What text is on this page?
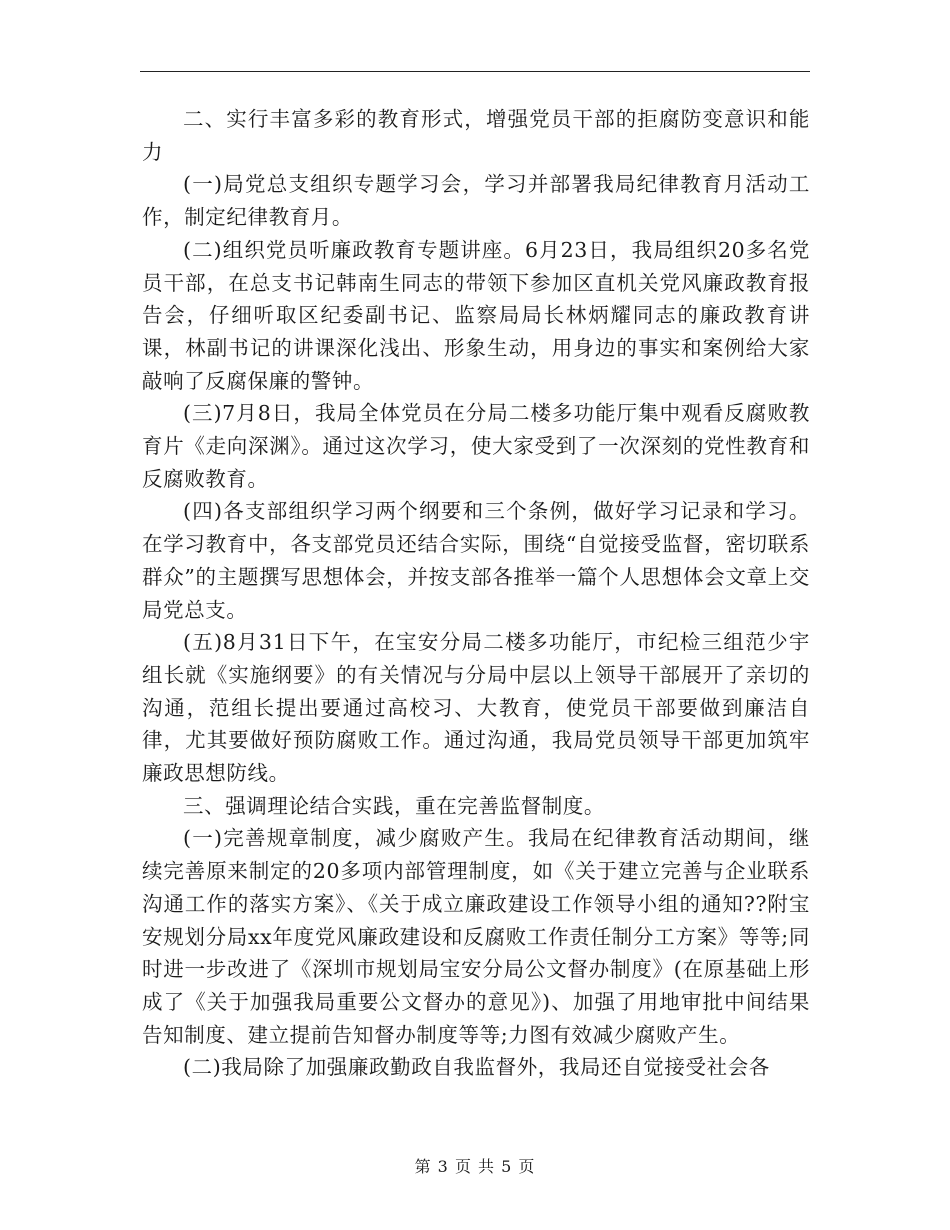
二、实行丰富多彩的教育形式，增强党员干部的拒腐防变意识和能力

(一)局党总支组织专题学习会，学习并部署我局纪律教育月活动工作，制定纪律教育月。

(二)组织党员听廉政教育专题讲座。6月23日，我局组织20多名党员干部，在总支书记韩南生同志的带领下参加区直机关党风廉政教育报告会，仔细听取区纪委副书记、监察局局长林炳耀同志的廉政教育讲课，林副书记的讲课深化浅出、形象生动，用身边的事实和案例给大家敲响了反腐保廉的警钟。

(三)7月8日，我局全体党员在分局二楼多功能厅集中观看反腐败教育片《走向深渊》。通过这次学习，使大家受到了一次深刻的党性教育和反腐败教育。

(四)各支部组织学习两个纲要和三个条例，做好学习记录和学习。在学习教育中，各支部党员还结合实际，围绕“自觉接受监督，密切联系群众”的主题撰写思想体会，并按支部各推举一篇个人思想体会文章上交局党总支。

(五)8月31日下午，在宝安分局二楼多功能厅，市纪检三组范少宇组长就《实施纲要》的有关情况与分局中层以上领导干部展开了亲切的沟通，范组长提出要通过高校习、大教育，使党员干部要做到廉洁自律，尤其要做好预防腐败工作。通过沟通，我局党员领导干部更加筑牢廉政思想防线。

三、强调理论结合实践，重在完善监督制度。

(一)完善规章制度，减少腐败产生。我局在纪律教育活动期间，继续完善原来制定的20多项内部管理制度，如《关于建立完善与企业联系沟通工作的落实方案》、《关于成立廉政建设工作领导小组的通知??附宝安规划分局xx年度党风廉政建设和反腐败工作责任制分工方案》等等;同时进一步改进了《深圳市规划局宝安分局公文督办制度》(在原基础上形成了《关于加强我局重要公文督办的意见》)、加强了用地审批中间结果告知制度、建立提前告知督办制度等等;力图有效减少腐败产生。

(二)我局除了加强廉政勤政自我监督外，我局还自觉接受社会各

第 3 页 共 5 页
